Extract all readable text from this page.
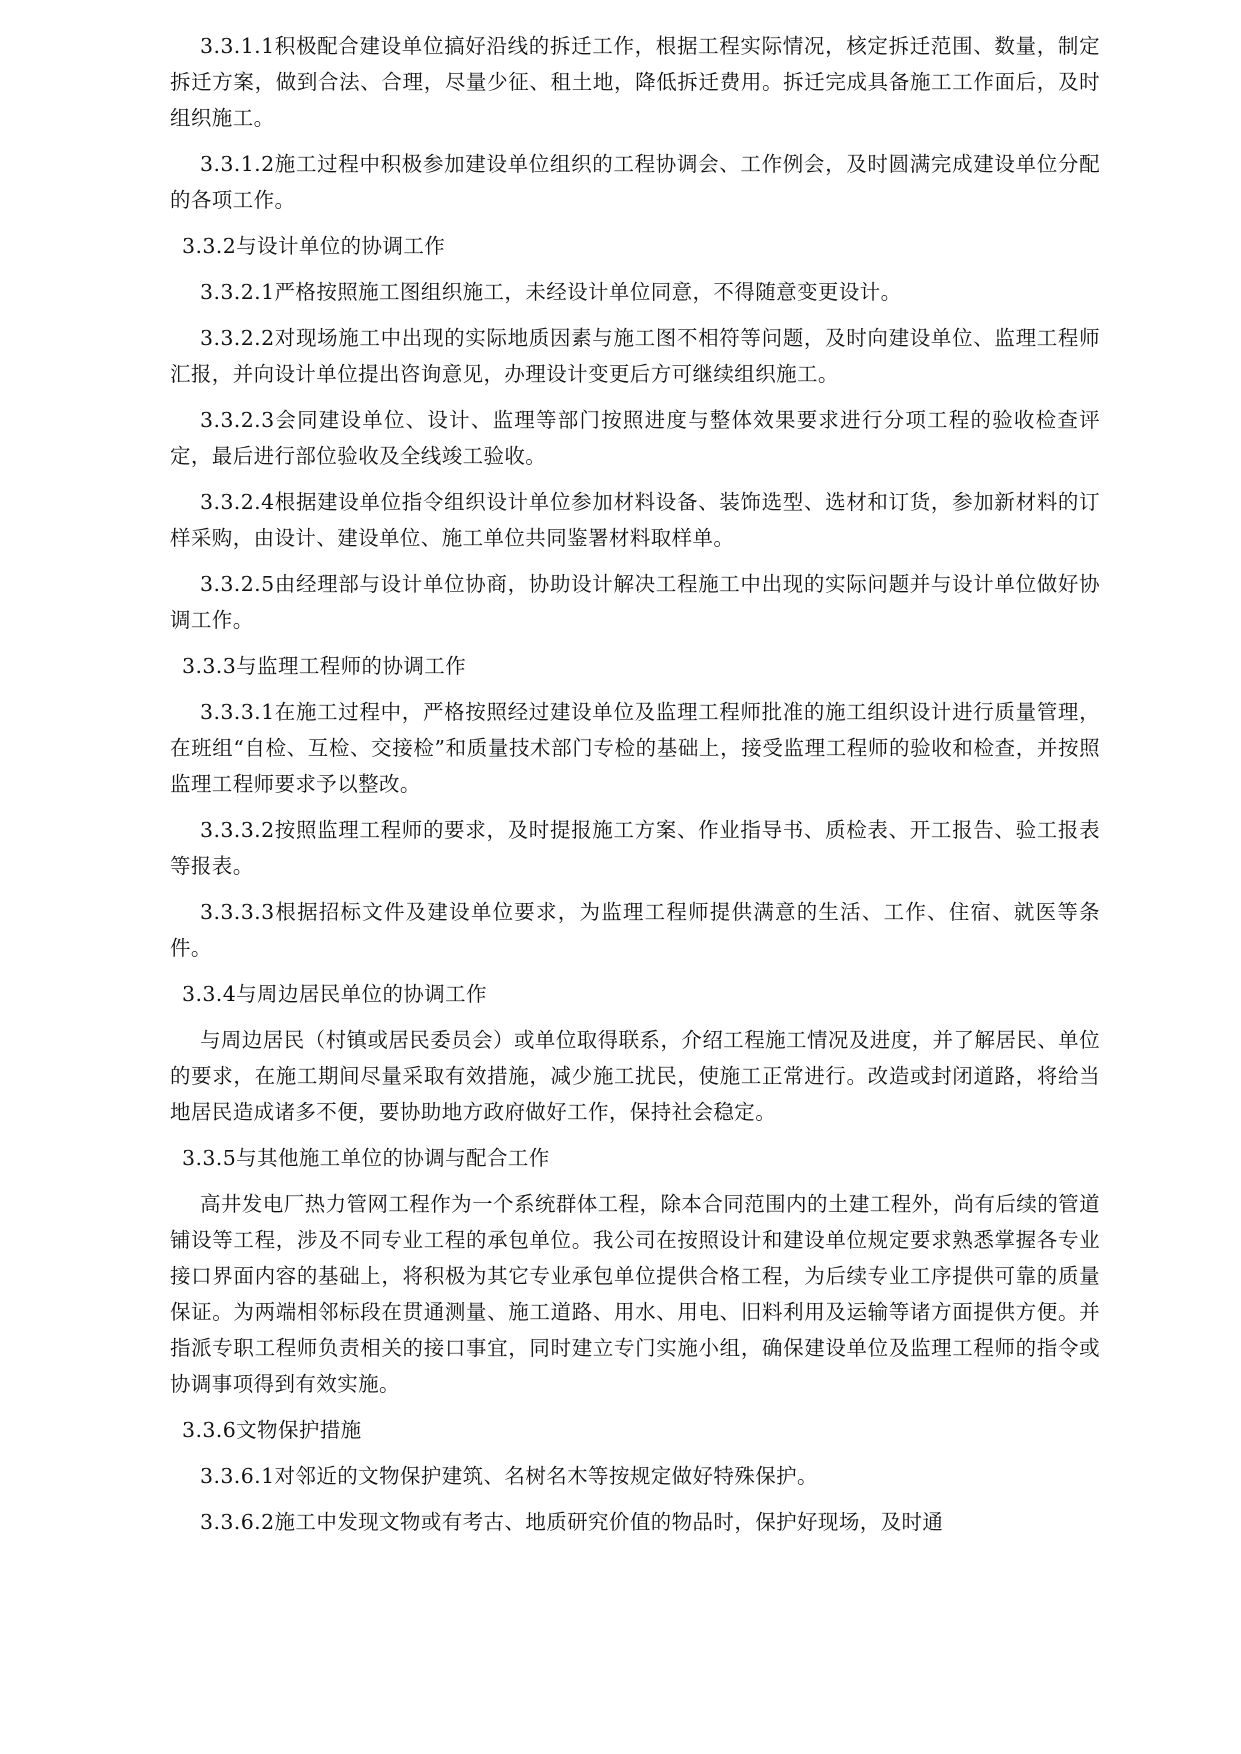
3.3.1.1积极配合建设单位搞好沿线的拆迁工作，根据工程实际情况，核定拆迁范围、数量，制定拆迁方案，做到合法、合理，尽量少征、租土地，降低拆迁费用。拆迁完成具备施工工作面后，及时组织施工。

3.3.1.2施工过程中积极参加建设单位组织的工程协调会、工作例会，及时圆满完成建设单位分配的各项工作。

3.3.2与设计单位的协调工作

3.3.2.1严格按照施工图组织施工，未经设计单位同意，不得随意变更设计。

3.3.2.2对现场施工中出现的实际地质因素与施工图不相符等问题，及时向建设单位、监理工程师汇报，并向设计单位提出咨询意见，办理设计变更后方可继续组织施工。

3.3.2.3会同建设单位、设计、监理等部门按照进度与整体效果要求进行分项工程的验收检查评定，最后进行部位验收及全线竣工验收。

3.3.2.4根据建设单位指令组织设计单位参加材料设备、装饰选型、选材和订货，参加新材料的订样采购，由设计、建设单位、施工单位共同鉴署材料取样单。

3.3.2.5由经理部与设计单位协商，协助设计解决工程施工中出现的实际问题并与设计单位做好协调工作。

3.3.3与监理工程师的协调工作

3.3.3.1在施工过程中，严格按照经过建设单位及监理工程师批准的施工组织设计进行质量管理，在班组“自检、互检、交接检”和质量技术部门专检的基础上，接受监理工程师的验收和检查，并按照监理工程师要求予以整改。

3.3.3.2按照监理工程师的要求，及时提报施工方案、作业指导书、质检表、开工报告、验工报表等报表。

3.3.3.3根据招标文件及建设单位要求，为监理工程师提供满意的生活、工作、住宿、就医等条件。

3.3.4与周边居民单位的协调工作

与周边居民（村镇或居民委员会）或单位取得联系，介绍工程施工情况及进度，并了解居民、单位的要求，在施工期间尽量采取有效措施，减少施工扰民，使施工正常进行。改造或封闭道路，将给当地居民造成诸多不便，要协助地方政府做好工作，保持社会稳定。

3.3.5与其他施工单位的协调与配合工作

高井发电厂热力管网工程作为一个系统群体工程，除本合同范围内的土建工程外，尚有后续的管道铺设等工程，涉及不同专业工程的承包单位。我公司在按照设计和建设单位规定要求熟悉掌握各专业接口界面内容的基础上，将积极为其它专业承包单位提供合格工程，为后续专业工序提供可靠的质量保证。为两端相邻标段在贯通测量、施工道路、用水、用电、旧料利用及运输等诸方面提供方便。并指派专职工程师负责相关的接口事宜，同时建立专门实施小组，确保建设单位及监理工程师的指令或协调事项得到有效实施。

3.3.6文物保护措施

3.3.6.1对邻近的文物保护建筑、名树名木等按规定做好特殊保护。

3.3.6.2施工中发现文物或有考古、地质研究价值的物品时，保护好现场，及时通
